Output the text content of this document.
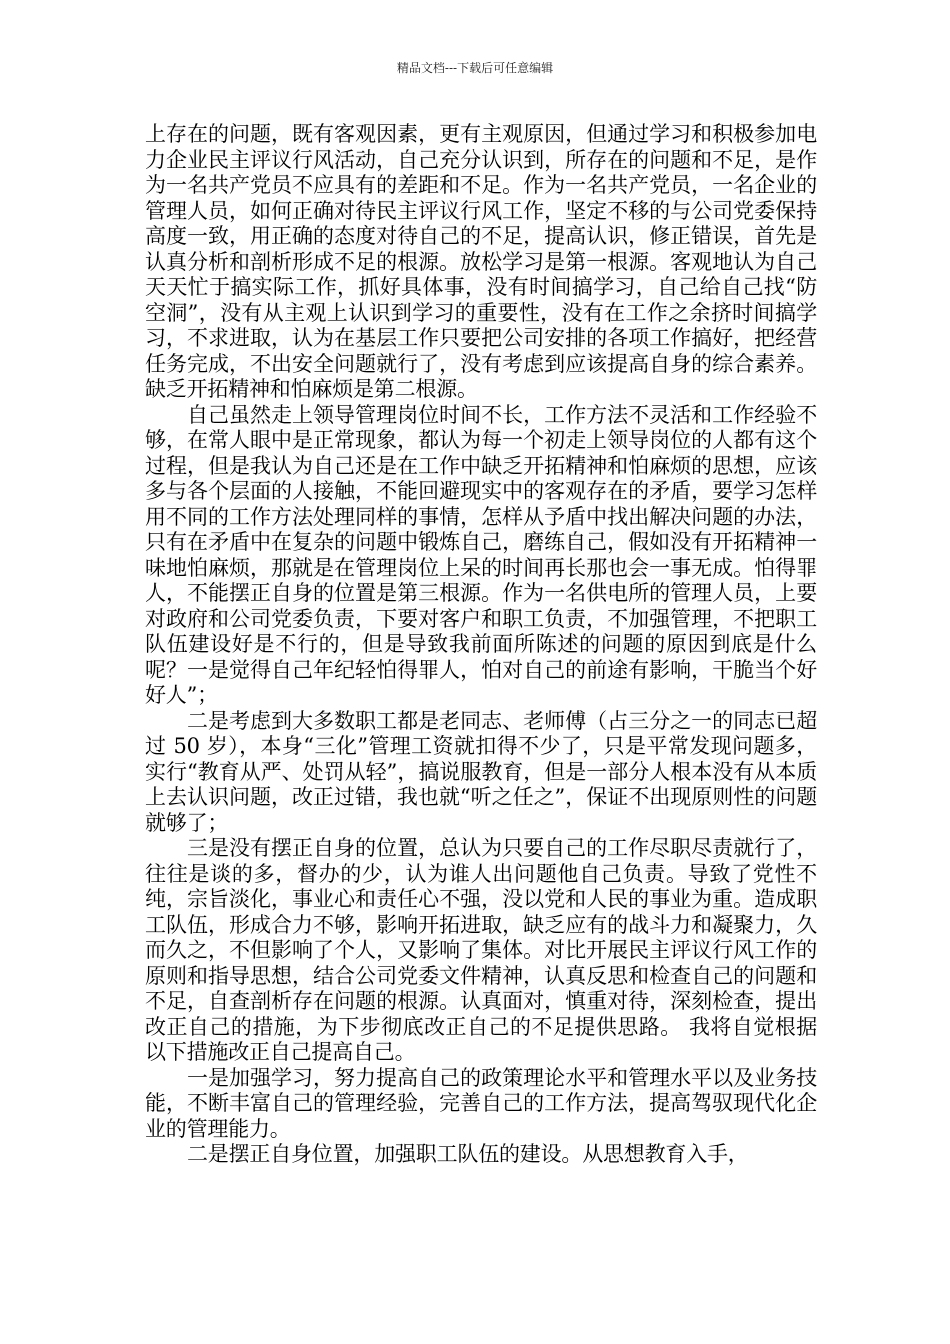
精品文档---下载后可任意编辑

上存在的问题，既有客观因素，更有主观原因，但通过学习和积极参加电力企业民主评议行风活动，自己充分认识到，所存在的问题和不足，是作为一名共产党员不应具有的差距和不足。作为一名共产党员，一名企业的管理人员，如何正确对待民主评议行风工作，坚定不移的与公司党委保持高度一致，用正确的态度对待自己的不足，提高认识，修正错误，首先是认真分析和剖析形成不足的根源。放松学习是第一根源。客观地认为自己天天忙于搞实际工作，抓好具体事，没有时间搞学习，自己给自己找“防空洞”，没有从主观上认识到学习的重要性，没有在工作之余挤时间搞学习，不求进取，认为在基层工作只要把公司安排的各项工作搞好，把经营任务完成，不出安全问题就行了，没有考虑到应该提高自身的综合素养。缺乏开拓精神和怕麻烦是第二根源。

自己虽然走上领导管理岗位时间不长，工作方法不灵活和工作经验不够，在常人眼中是正常现象，都认为每一个初走上领导岗位的人都有这个过程，但是我认为自己还是在工作中缺乏开拓精神和怕麻烦的思想，应该多与各个层面的人接触，不能回避现实中的客观存在的矛盾，要学习怎样用不同的工作方法处理同样的事情，怎样从予盾中找出解决问题的办法，只有在矛盾中在复杂的问题中锻炼自己，磨练自己，假如没有开拓精神一味地怕麻烦，那就是在管理岗位上呆的时间再长那也会一事无成。怕得罪人，不能摆正自身的位置是第三根源。作为一名供电所的管理人员，上要对政府和公司党委负责，下要对客户和职工负责，不加强管理，不把职工队伍建设好是不行的，但是导致我前面所陈述的问题的原因到底是什么呢？一是觉得自己年纪轻怕得罪人，怕对自己的前途有影响，干脆当个好好人”；

二是考虑到大多数职工都是老同志、老师傅（占三分之一的同志已超过 50 岁），本身“三化”管理工资就扣得不少了，只是平常发现问题多，实行“教育从严、处罚从轻”，搞说服教育，但是一部分人根本没有从本质上去认识问题，改正过错，我也就“听之任之”，保证不出现原则性的问题就够了；

三是没有摆正自身的位置，总认为只要自己的工作尽职尽责就行了，往往是谈的多，督办的少，认为谁人出问题他自己负责。导致了党性不纯，宗旨淡化，事业心和责任心不强，没以党和人民的事业为重。造成职工队伍，形成合力不够，影响开拓进取，缺乏应有的战斗力和凝聚力，久而久之，不但影响了个人，又影响了集体。对比开展民主评议行风工作的原则和指导思想，结合公司党委文件精神，认真反思和检查自己的问题和不足，自查剖析存在问题的根源。认真面对，慎重对待，深刻检查，提出改正自己的措施，为下步彻底改正自己的不足提供思路。 我将自觉根据以下措施改正自己提高自己。

一是加强学习，努力提高自己的政策理论水平和管理水平以及业务技能，不断丰富自己的管理经验，完善自己的工作方法，提高驾驭现代化企业的管理能力。

二是摆正自身位置，加强职工队伍的建设。从思想教育入手，
